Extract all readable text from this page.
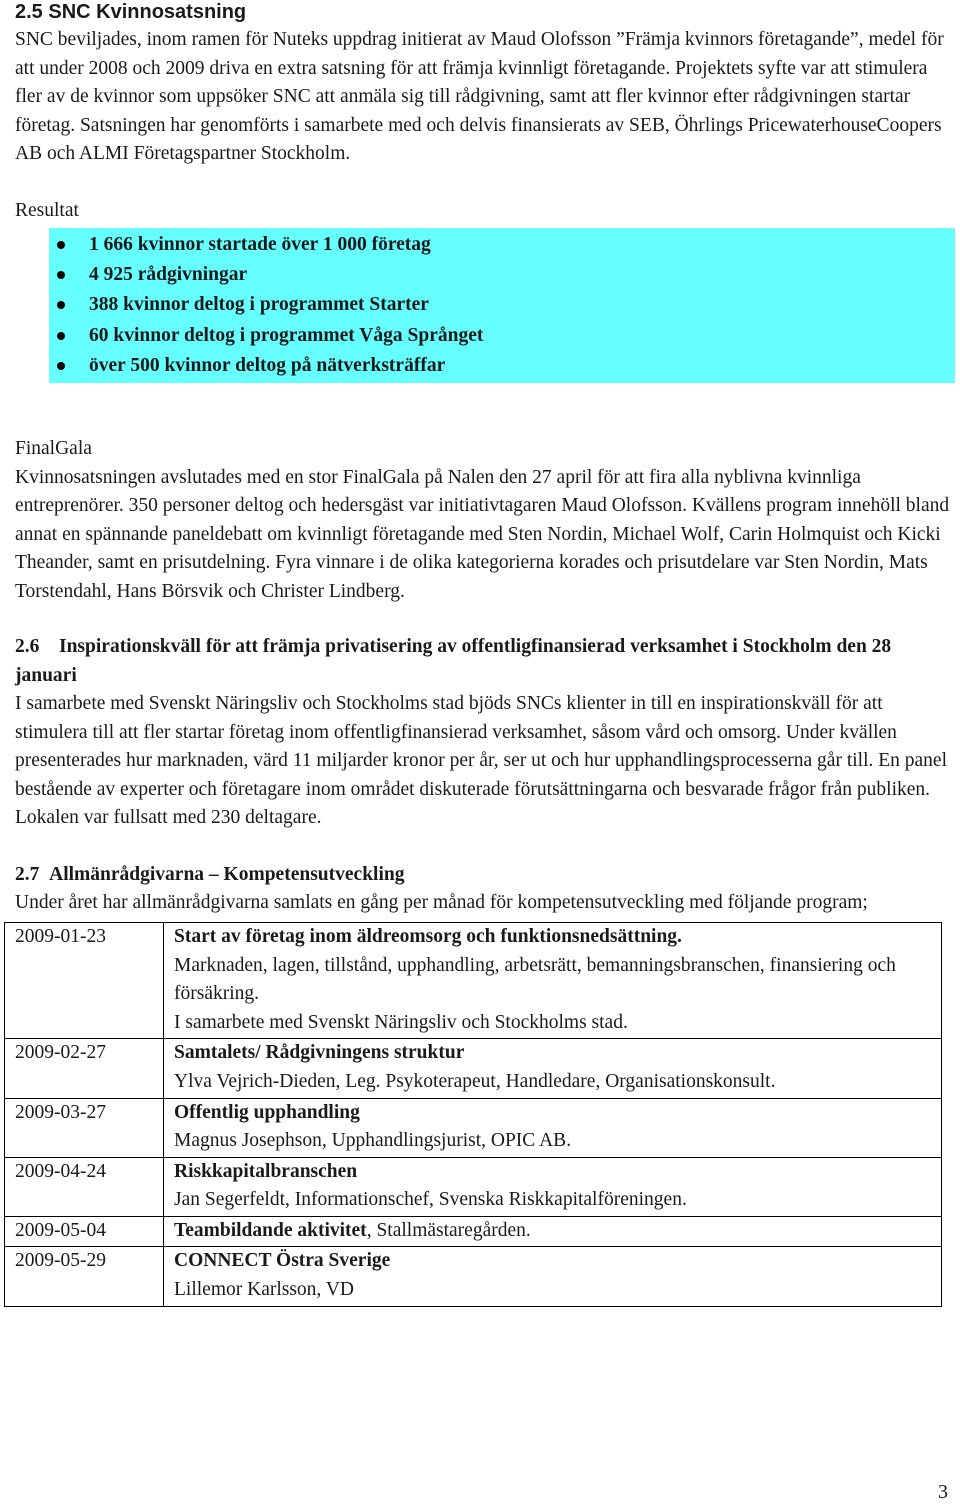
2.5 SNC Kvinnosatsning

SNC beviljades, inom ramen för Nuteks uppdrag initierat av Maud Olofsson ”Främja kvinnors företagande”, medel för att under 2008 och 2009 driva en extra satsning för att främja kvinnligt företagande. Projektets syfte var att stimulera fler av de kvinnor som uppsöker SNC att anmäla sig till rådgivning, samt att fler kvinnor efter rådgivningen startar företag. Satsningen har genomförts i samarbete med och delvis finansierats av SEB, Öhrlings PricewaterhouseCoopers AB och ALMI Företagspartner Stockholm.

Resultat

1 666 kvinnor startade över 1 000 företag
4 925 rådgivningar
388 kvinnor deltog i programmet Starter
60 kvinnor deltog i programmet Våga Språnget
över 500 kvinnor deltog på nätverksträffar

FinalGala

Kvinnosatsningen avslutades med en stor FinalGala på Nalen den 27 april för att fira alla nyblivna kvinnliga entreprenörer. 350 personer deltog och hedersgäst var initiativtagaren Maud Olofsson. Kvällens program innehöll bland annat en spännande paneldebatt om kvinnligt företagande med Sten Nordin, Michael Wolf, Carin Holmquist och Kicki Theander, samt en prisutdelning. Fyra vinnare i de olika kategorierna korades och prisutdelare var Sten Nordin, Mats Torstendahl, Hans Börsvik och Christer Lindberg.

2.6 Inspirationskväll för att främja privatisering av offentligfinansierad verksamhet i Stockholm den 28 januari

I samarbete med Svenskt Näringsliv och Stockholms stad bjöds SNCs klienter in till en inspirationskväll för att stimulera till att fler startar företag inom offentligfinansierad verksamhet, såsom vård och omsorg. Under kvällen presenterades hur marknaden, värd 11 miljarder kronor per år, ser ut och hur upphandlingsprocesserna går till. En panel bestående av experter och företagare inom området diskuterade förutsättningarna och besvarade frågor från publiken. Lokalen var fullsatt med 230 deltagare.

2.7 Allmänrådgivarna – Kompetensutveckling

Under året har allmänrådgivarna samlats en gång per månad för kompetensutveckling med följande program;

2009-01-23	Start av företag inom äldreomsorg och funktionsnedsättning.
Marknaden, lagen, tillstånd, upphandling, arbetsrätt, bemanningsbranschen, finansiering och försäkring.
I samarbete med Svenskt Näringsliv och Stockholms stad.

2009-02-27	Samtalets/ Rådgivningens struktur
Ylva Vejrich-Dieden, Leg. Psykoterapeut, Handledare, Organisationskonsult.

2009-03-27	Offentlig upphandling
Magnus Josephson, Upphandlingsjurist, OPIC AB.

2009-04-24	Riskkapitalbranschen
Jan Segerfeldt, Informationschef, Svenska Riskkapitalföreningen.

2009-05-04	Teambildande aktivitet, Stallmästaregården.

2009-05-29	CONNECT Östra Sverige
Lillemor Karlsson, VD
3
